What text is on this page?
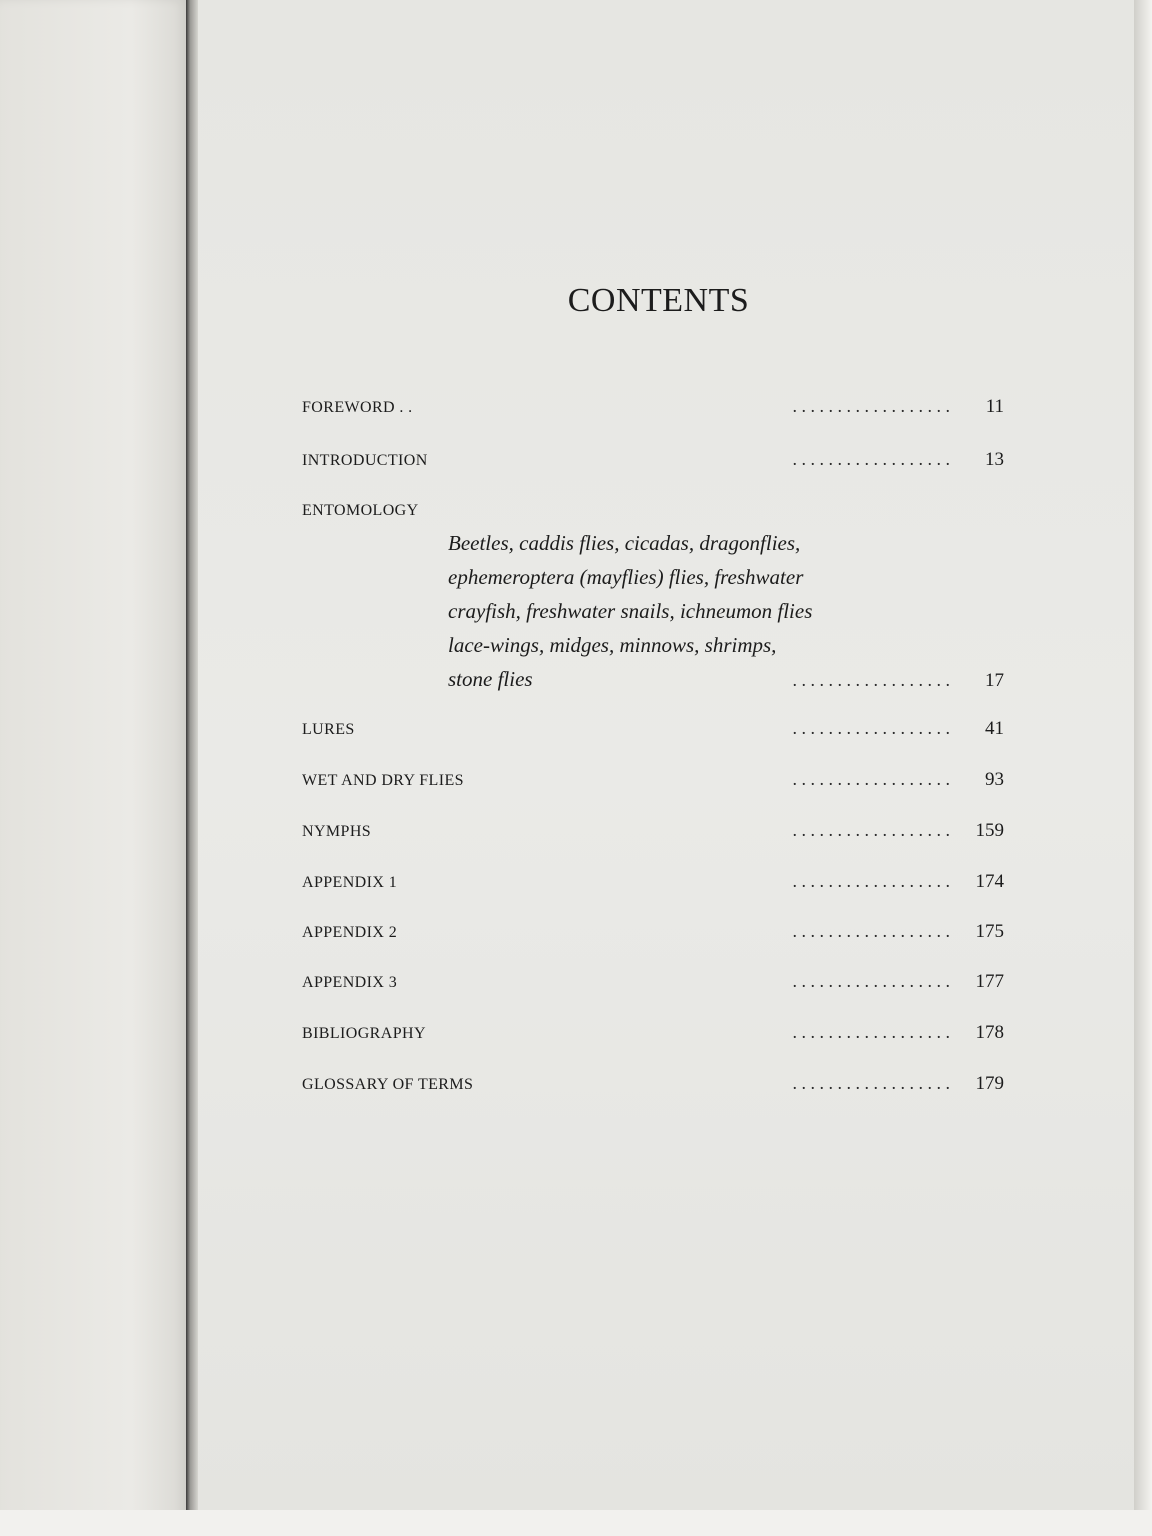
CONTENTS
FOREWORD . .	. . . . . . . . . . . . . . . . . .	11
INTRODUCTION	. . . . . . . . . . . . . . . . . .	13
ENTOMOLOGY
Beetles, caddis flies, cicadas, dragonflies,
ephemeroptera (mayflies) flies, freshwater
crayfish, freshwater snails, ichneumon flies
lace-wings, midges, minnows, shrimps,
stone flies	. . . . . . . . . . . . . . . . . .	17
LURES	. . . . . . . . . . . . . . . . . .	41
WET AND DRY FLIES	. . . . . . . . . . . . . . . . . .	93
NYMPHS	. . . . . . . . . . . . . . . . . .	159
APPENDIX 1	. . . . . . . . . . . . . . . . . .	174
APPENDIX 2	. . . . . . . . . . . . . . . . . .	175
APPENDIX 3	. . . . . . . . . . . . . . . . . .	177
BIBLIOGRAPHY	. . . . . . . . . . . . . . . . . .	178
GLOSSARY OF TERMS	. . . . . . . . . . . . . . . . . .	179
